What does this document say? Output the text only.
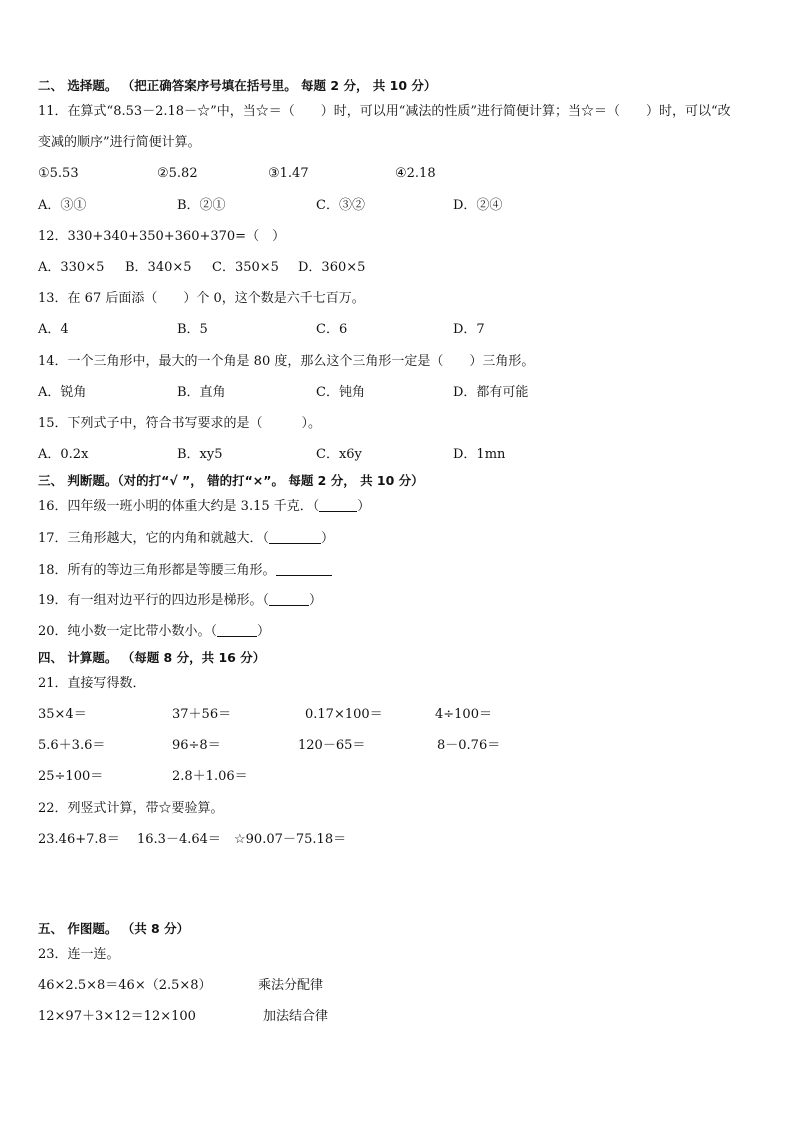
二、 选择题。 （把正确答案序号填在括号里。 每题 2 分， 共 10 分）
11．在算式“8.53－2.18－☆”中，当☆＝（　　）时，可以用“减法的性质”进行简便计算；当☆＝（　　）时，可以“改
变减的顺序”进行简便计算。
①5.53	②5.82	③1.47	④2.18
A．③①	B．②①	C．③②	D．②④
12．330+340+350+360+370=（　）
A．330×5 B．340×5 C．350×5 D．360×5
13．在 67 后面添（　　）个 0，这个数是六千七百万。
A．4	B．5	C．6	D．7
14．一个三角形中，最大的一个角是 80 度，那么这个三角形一定是（　　）三角形。
A．锐角	B．直角	C．钝角	D．都有可能
15．下列式子中，符合书写要求的是（　　　）。
A．0.2x	B．xy5	C．x6y	D．1mn
三、 判断题。（对的打“√ ”， 错的打“×”。 每题 2 分， 共 10 分）
16．四年级一班小明的体重大约是 3.15 千克．（	）
17．三角形越大，它的内角和就越大．（	）
18．所有的等边三角形都是等腰三角形。
19．有一组对边平行的四边形是梯形。（	）
20．纯小数一定比带小数小。（	）
四、 计算题。 （每题 8 分，共 16 分）
21．直接写得数．
35×4＝	37＋56＝	0.17×100＝	4÷100＝
5.6＋3.6＝	96÷8＝	120－65＝	8－0.76＝
25÷100＝	2.8＋1.06＝
22．列竖式计算，带☆要验算。
23.46+7.8＝ 16.3－4.64＝ ☆90.07－75.18＝
五、 作图题。 （共 8 分）
23．连一连。
46×2.5×8＝46×（2.5×8）	乘法分配律
12×97＋3×12＝12×100	加法结合律
